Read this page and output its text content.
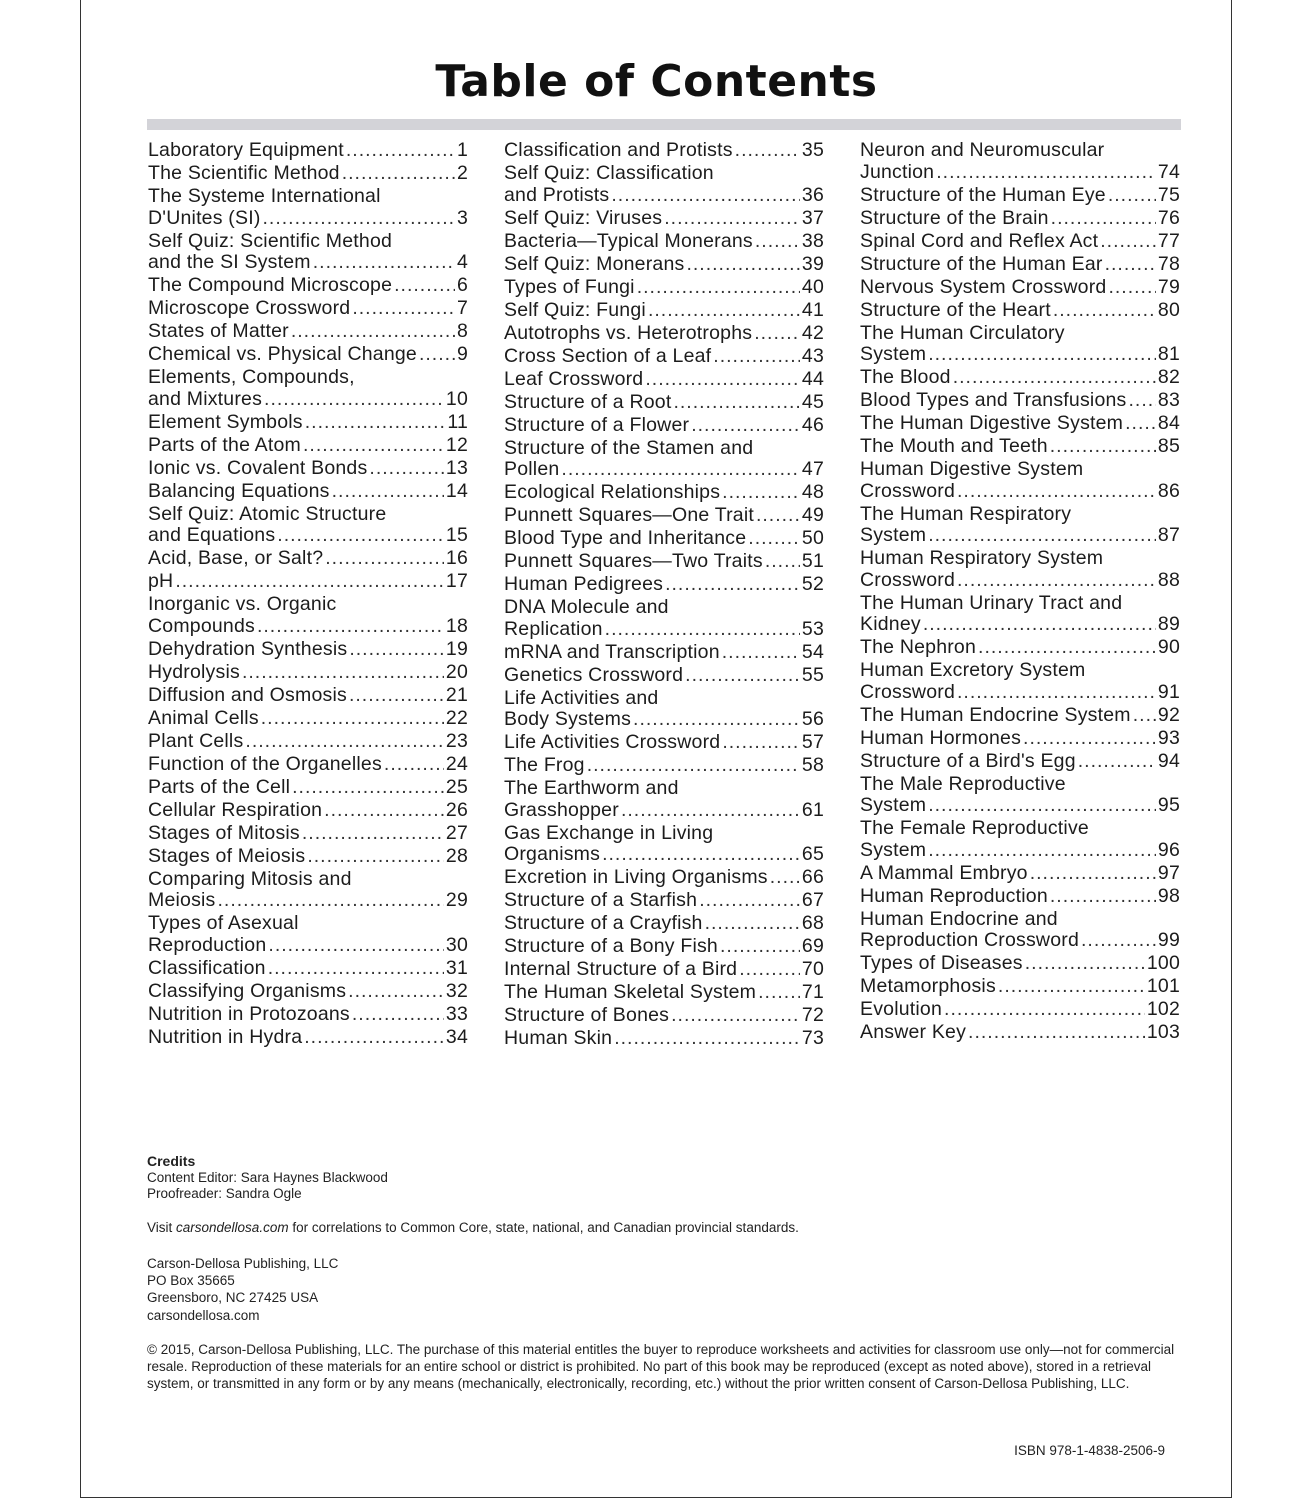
Table of Contents
Laboratory Equipment .....	1
The Scientific Method .....	2
The Systeme International
D'Unites (SI) .....	3
Self Quiz: Scientific Method
and the SI System .....	4
The Compound Microscope .....	6
Microscope Crossword .....	7
States of Matter .....	8
Chemical vs. Physical Change ..... 9
Elements, Compounds,
and Mixtures .....	10
Element Symbols .....	11
Parts of the Atom .....	12
Ionic vs. Covalent Bonds .....	13
Balancing Equations .....	14
Self Quiz: Atomic Structure
and Equations .....	15
Acid, Base, or Salt? .....	16
pH .....	17
Inorganic vs. Organic
Compounds .....	18
Dehydration Synthesis .....	19
Hydrolysis .....	20
Diffusion and Osmosis .....	21
Animal Cells .....	22
Plant Cells .....	23
Function of the Organelles .....	24
Parts of the Cell .....	25
Cellular Respiration .....	26
Stages of Mitosis .....	27
Stages of Meiosis .....	28
Comparing Mitosis and
Meiosis .....	29
Types of Asexual
Reproduction .....	30
Classification .....	31
Classifying Organisms .....	32
Nutrition in Protozoans .....	33
Nutrition in Hydra .....	34
Classification and Protists .....	35
Self Quiz: Classification
and Protists .....	36
Self Quiz: Viruses .....	37
Bacteria—Typical Monerans .....	38
Self Quiz: Monerans .....	39
Types of Fungi .....	40
Self Quiz: Fungi .....	41
Autotrophs vs. Heterotrophs .....	42
Cross Section of a Leaf .....	43
Leaf Crossword .....	44
Structure of a Root .....	45
Structure of a Flower .....	46
Structure of the Stamen and
Pollen .....	47
Ecological Relationships .....	48
Punnett Squares—One Trait ..... 49
Blood Type and Inheritance .....	50
Punnett Squares—Two Traits ..... 51
Human Pedigrees .....	52
DNA Molecule and
Replication .....	53
mRNA and Transcription .....	54
Genetics Crossword .....	55
Life Activities and
Body Systems .....	56
Life Activities Crossword .....	57
The Frog .....	58
The Earthworm and
Grasshopper .....	61
Gas Exchange in Living
Organisms .....	65
Excretion in Living Organisms ..... 66
Structure of a Starfish .....	67
Structure of a Crayfish .....	68
Structure of a Bony Fish .....	69
Internal Structure of a Bird .....	70
The Human Skeletal System ..... 71
Structure of Bones .....	72
Human Skin .....	73
Neuron and Neuromuscular
Junction .....	74
Structure of the Human Eye .....	75
Structure of the Brain .....	76
Spinal Cord and Reflex Act .....	77
Structure of the Human Ear .....	78
Nervous System Crossword .....	79
Structure of the Heart .....	80
The Human Circulatory
System .....	81
The Blood .....	82
Blood Types and Transfusions ..... 83
The Human Digestive System ..... 84
The Mouth and Teeth .....	85
Human Digestive System
Crossword .....	86
The Human Respiratory
System .....	87
Human Respiratory System
Crossword .....	88
The Human Urinary Tract and
Kidney .....	89
The Nephron .....	90
Human Excretory System
Crossword .....	91
The Human Endocrine System ..... 92
Human Hormones .....	93
Structure of a Bird's Egg .....	94
The Male Reproductive
System .....	95
The Female Reproductive
System .....	96
A Mammal Embryo .....	97
Human Reproduction .....	98
Human Endocrine and
Reproduction Crossword .....	99
Types of Diseases .....	100
Metamorphosis .....	101
Evolution .....	102
Answer Key .....	103
Credits
Content Editor: Sara Haynes Blackwood
Proofreader: Sandra Ogle
Visit carsondellosa.com for correlations to Common Core, state, national, and Canadian provincial standards.
Carson-Dellosa Publishing, LLC
PO Box 35665
Greensboro, NC 27425 USA
carsondellosa.com
© 2015, Carson-Dellosa Publishing, LLC. The purchase of this material entitles the buyer to reproduce worksheets and activities for classroom use only—not for commercial resale. Reproduction of these materials for an entire school or district is prohibited. No part of this book may be reproduced (except as noted above), stored in a retrieval system, or transmitted in any form or by any means (mechanically, electronically, recording, etc.) without the prior written consent of Carson-Dellosa Publishing, LLC.
ISBN 978-1-4838-2506-9
